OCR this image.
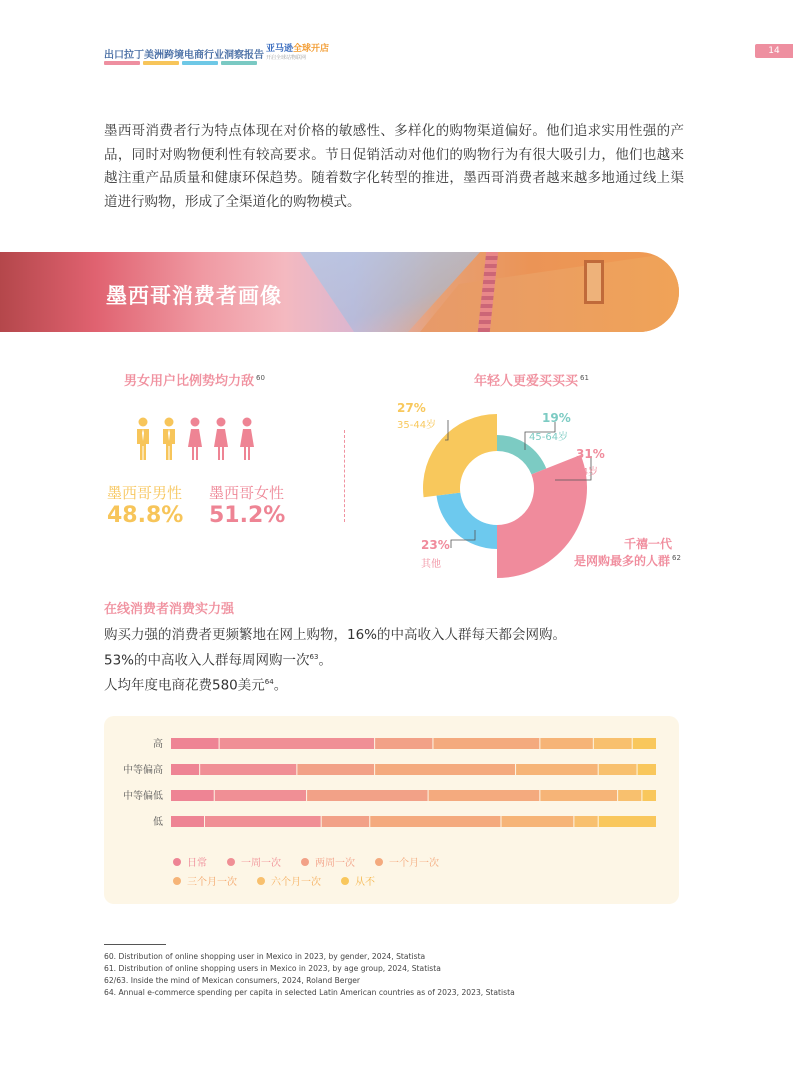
出口拉丁美洲跨境电商行业洞察报告
亚马逊全球开店
开启全球站物联网
14

墨西哥消费者行为特点体现在对价格的敏感性、多样化的购物渠道偏好。他们追求实用性强的产品，同时对购物便利性有较高要求。节日促销活动对他们的购物行为有很大吸引力，他们也越来越注重产品质量和健康环保趋势。随着数字化转型的推进，墨西哥消费者越来越多地通过线上渠道进行购物，形成了全渠道化的购物模式。

墨西哥消费者画像
男女用户比例势均力敌 $^{60}$
墨西哥男性
48.8%
墨西哥女性
51.2%
年轻人更爱买买买 $^{61}$
27%
35-44岁
19%
45-64岁
31%
25-34岁
23%
其他
千禧一代
是网购最多的人群 $^{62}$
在线消费者消费实力强
购买力强的消费者更频繁地在网上购物，16%的中高收入人群每天都会网购。
53%的中高收入人群每周网购一次$^{63}$。
人均年度电商花费580美元$^{64}$。
高
中等偏高
中等偏低
低
日常	一周一次	两周一次	一个月一次
三个月一次	六个月一次	从不
60. Distribution of online shopping user in Mexico in 2023, by gender, 2024, Statista
61. Distribution of online shopping users in Mexico in 2023, by age group, 2024, Statista
62/63. Inside the mind of Mexican consumers, 2024, Roland Berger
64. Annual e-commerce spending per capita in selected Latin American countries as of 2023, 2023, Statista
